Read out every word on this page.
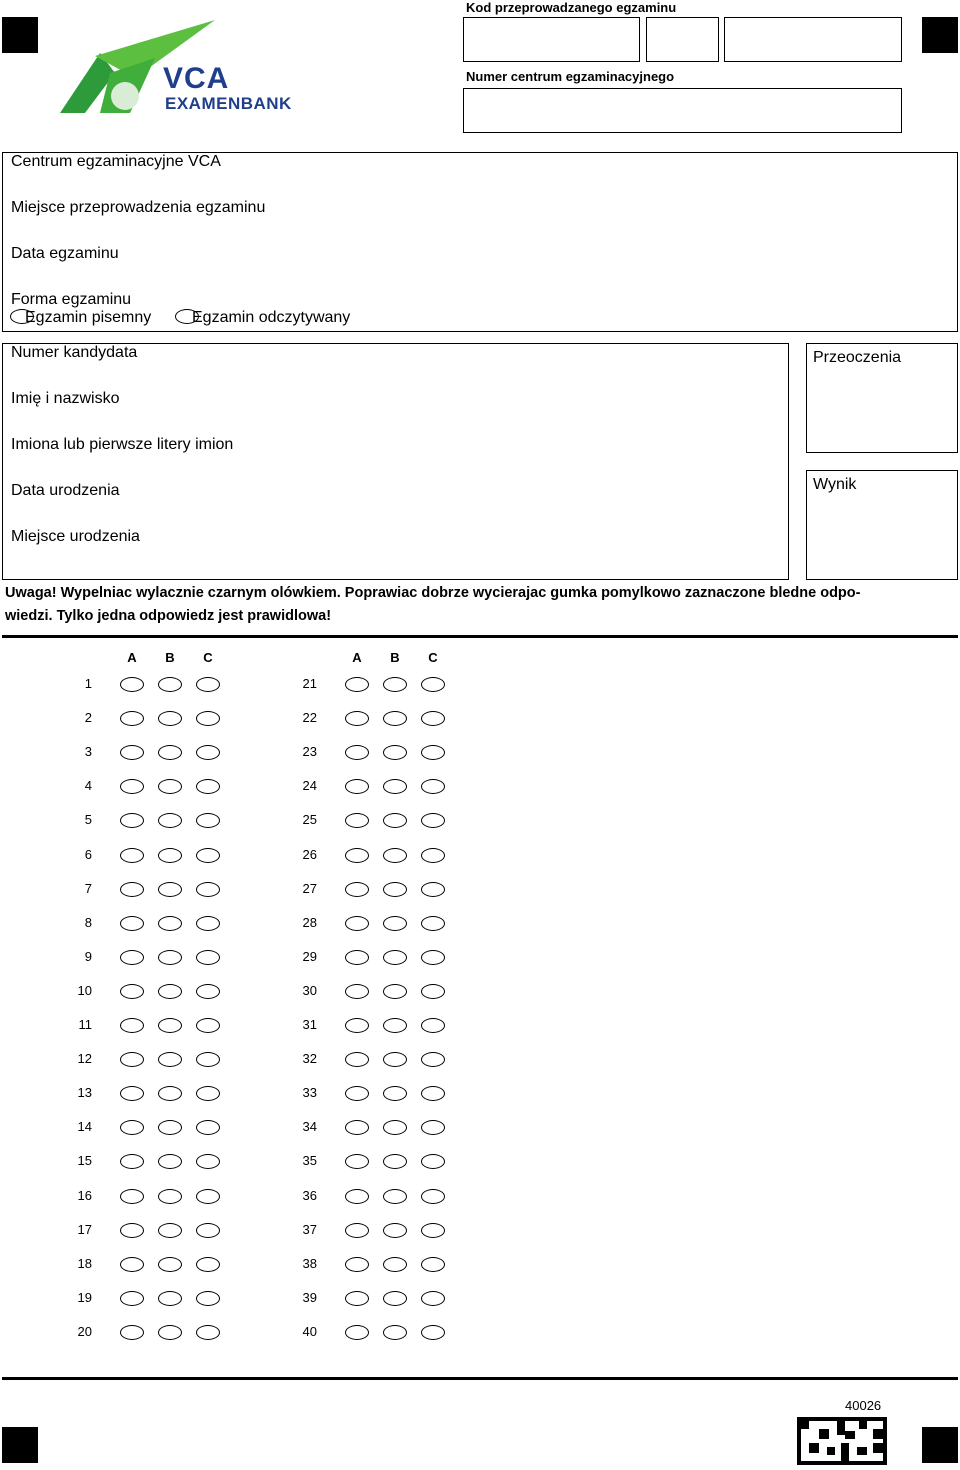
VCA
EXAMENBANK
Kod przeprowadzanego egzaminu
Numer centrum egzaminacyjnego
Centrum egzaminacyjne VCA
Miejsce przeprowadzenia egzaminu
Data egzaminu
Forma egzaminu
Egzamin pisemny	Egzamin odczytywany
Numer kandydata
Imię i nazwisko
Imiona lub pierwsze litery imion
Data urodzenia
Miejsce urodzenia
Przeoczenia
Wynik
Uwaga! Wypelniac wylacznie czarnym olówkiem. Poprawiac dobrze wycierajac gumka pomylkowo zaznaczone bledne odpo-
wiedzi. Tylko jedna odpowiedz jest prawidlowa!
A	B	C
1
2
3
4
5
6
7
8
9
10
11
12
13
14
15
16
17
18
19
20
A	B	C
21
22
23
24
25
26
27
28
29
30
31
32
33
34
35
36
37
38
39
40
40026
